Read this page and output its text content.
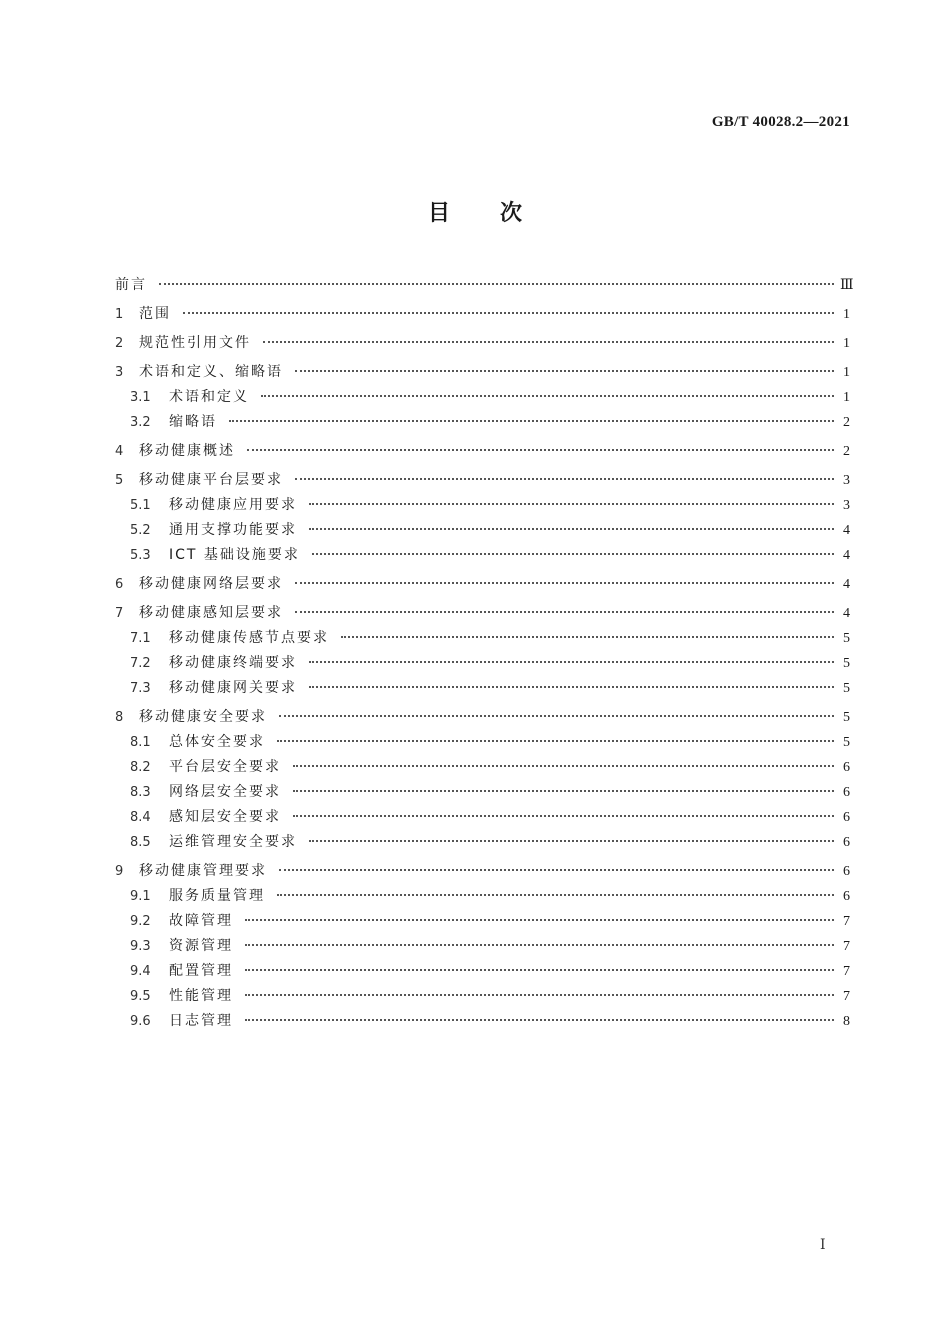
GB/T 40028.2—2021
目次
前言	Ⅲ
1	范围	1
2	规范性引用文件	1
3	术语和定义、缩略语	1
3.1	术语和定义	1
3.2	缩略语	2
4	移动健康概述	2
5	移动健康平台层要求	3
5.1	移动健康应用要求	3
5.2	通用支撑功能要求	4
5.3	ICT 基础设施要求	4
6	移动健康网络层要求	4
7	移动健康感知层要求	4
7.1	移动健康传感节点要求	5
7.2	移动健康终端要求	5
7.3	移动健康网关要求	5
8	移动健康安全要求	5
8.1	总体安全要求	5
8.2	平台层安全要求	6
8.3	网络层安全要求	6
8.4	感知层安全要求	6
8.5	运维管理安全要求	6
9	移动健康管理要求	6
9.1	服务质量管理	6
9.2	故障管理	7
9.3	资源管理	7
9.4	配置管理	7
9.5	性能管理	7
9.6	日志管理	8
Ⅰ
